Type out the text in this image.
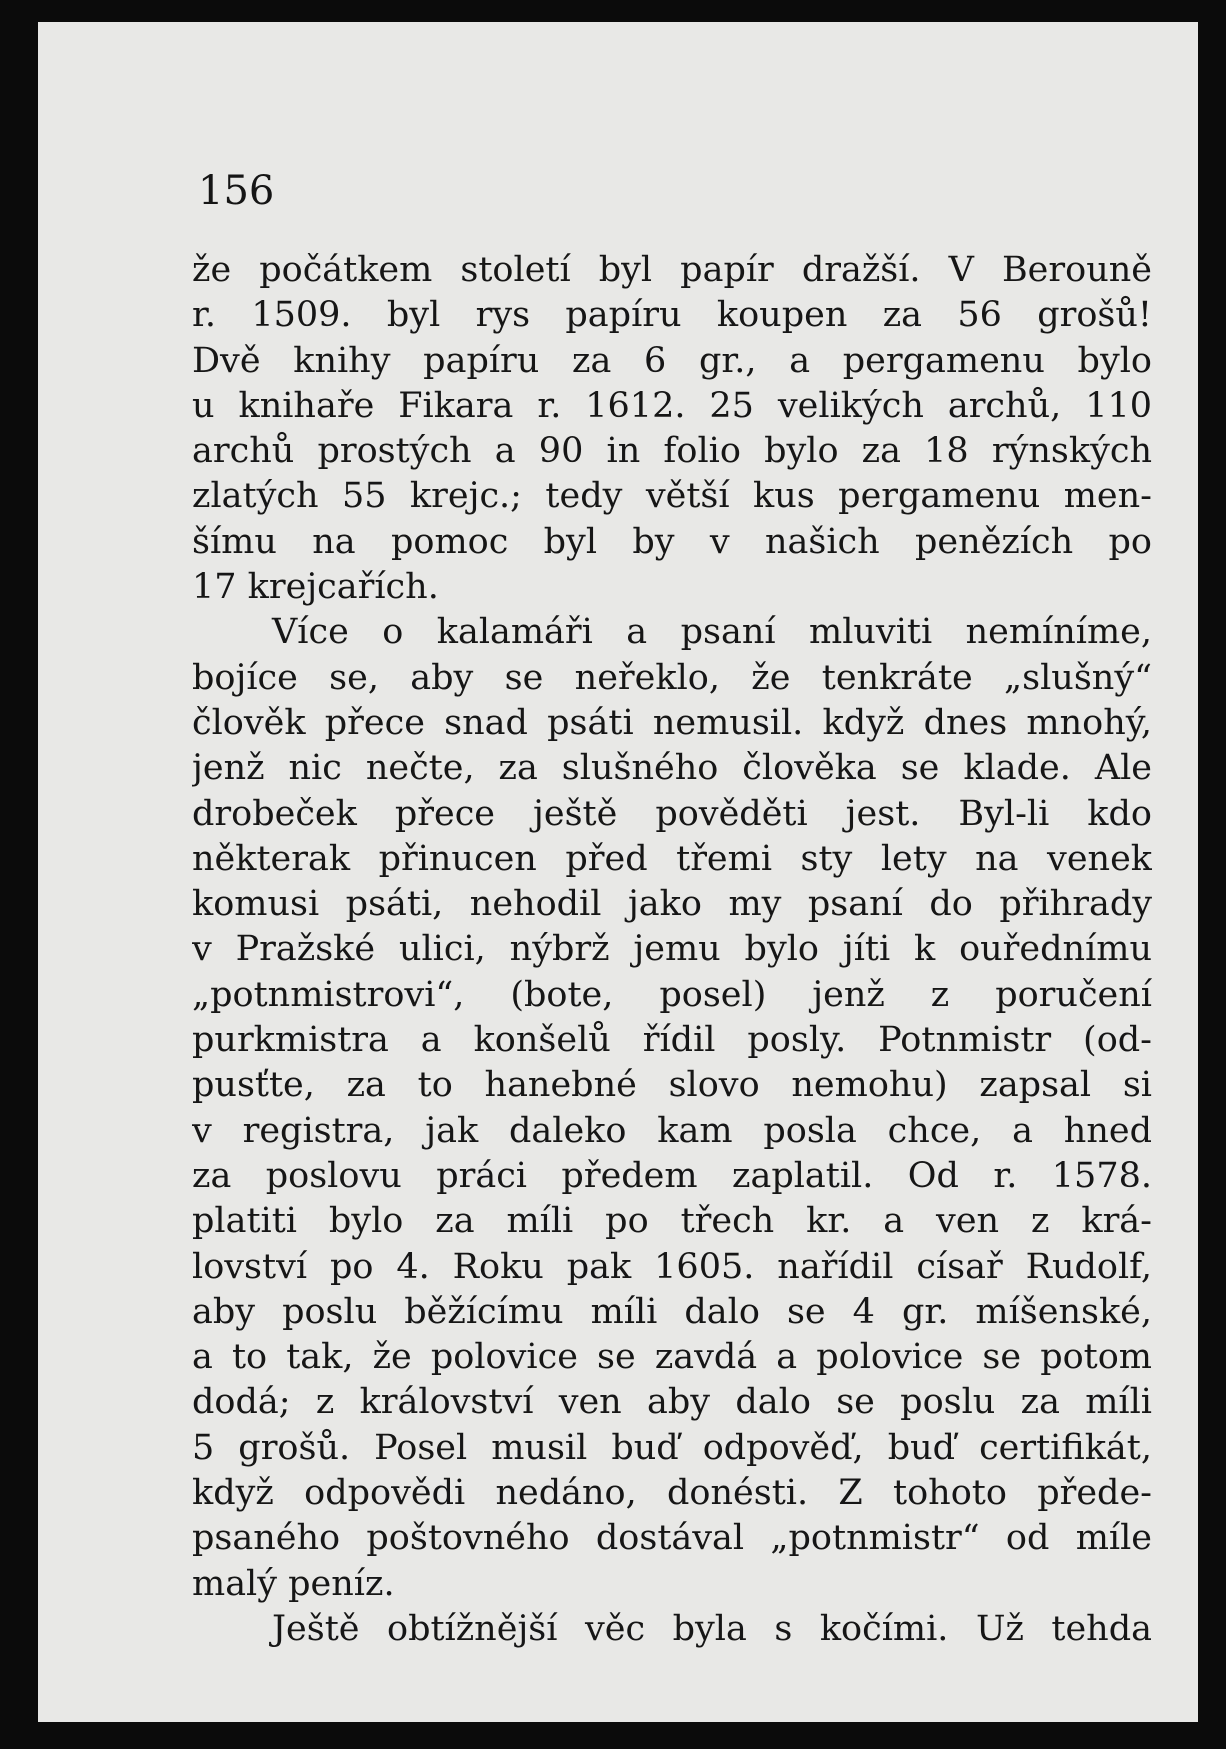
156
že počátkem století byl papír dražší. V Berouně
r. 1509. byl rys papíru koupen za 56 grošů!
Dvě knihy papíru za 6 gr., a pergamenu bylo
u knihaře Fikara r. 1612. 25 velikých archů, 110
archů prostých a 90 in folio bylo za 18 rýnských
zlatých 55 krejc.; tedy větší kus pergamenu men-
šímu na pomoc byl by v našich penězích po
17 krejcařích.
Více o kalamáři a psaní mluviti nemíníme,
bojíce se, aby se neřeklo, že tenkráte „slušný“
člověk přece snad psáti nemusil. když dnes mnohý,
jenž nic nečte, za slušného člověka se klade. Ale
drobeček přece ještě pověděti jest. Byl-li kdo
některak přinucen před třemi sty lety na venek
komusi psáti, nehodil jako my psaní do přihrady
v Pražské ulici, nýbrž jemu bylo jíti k ouřednímu
„potnmistrovi“, (bote, posel) jenž z poručení
purkmistra a konšelů řídil posly. Potnmistr (od-
pusťte, za to hanebné slovo nemohu) zapsal si
v registra, jak daleko kam posla chce, a hned
za poslovu práci předem zaplatil. Od r. 1578.
platiti bylo za míli po třech kr. a ven z krá-
lovství po 4. Roku pak 1605. nařídil císař Rudolf,
aby poslu běžícímu míli dalo se 4 gr. míšenské,
a to tak, že polovice se zavdá a polovice se potom
dodá; z království ven aby dalo se poslu za míli
5 grošů. Posel musil buď odpověď, buď certifikát,
když odpovědi nedáno, donésti. Z tohoto přede-
psaného poštovného dostával „potnmistr“ od míle
malý peníz.
Ještě obtížnější věc byla s kočími. Už tehda
